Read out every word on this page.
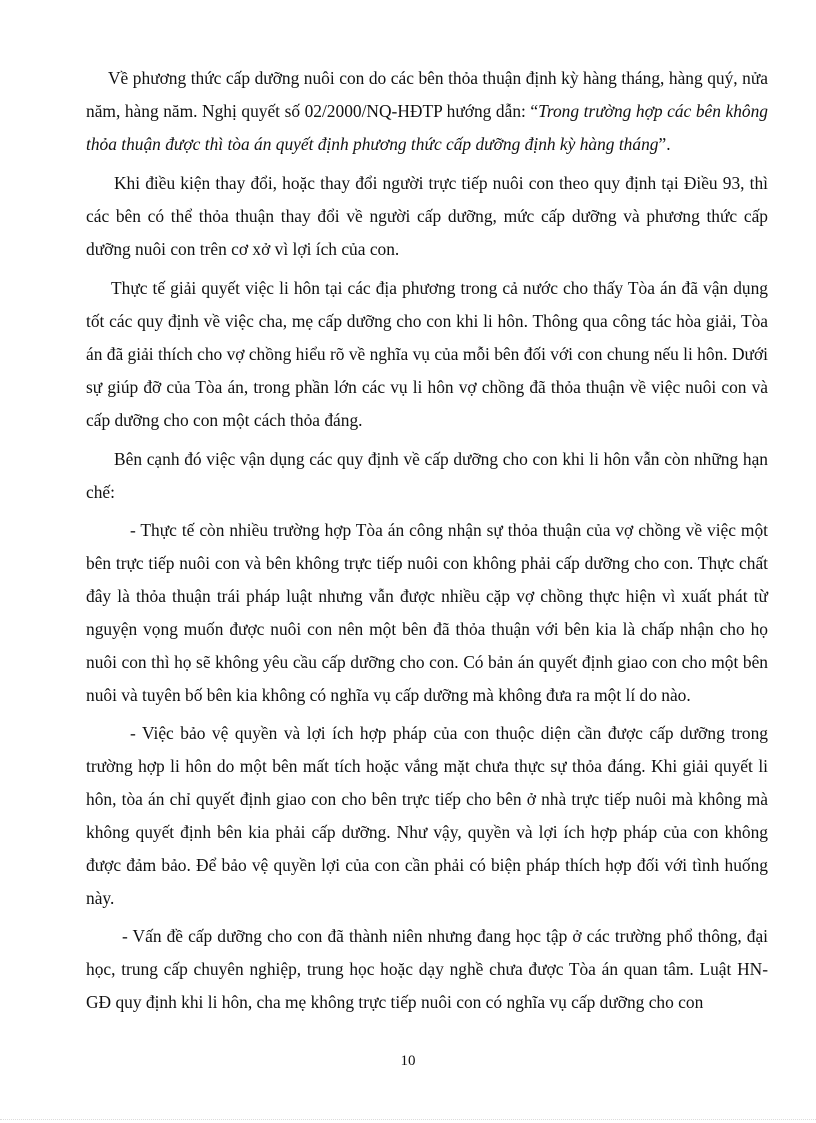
Về phương thức cấp dưỡng nuôi con do các bên thỏa thuận định kỳ hàng tháng, hàng quý, nửa năm, hàng năm. Nghị quyết số 02/2000/NQ-HĐTP hướng dẫn: “Trong trường hợp các bên không thỏa thuận được thì tòa án quyết định phương thức cấp dưỡng định kỳ hàng tháng”.

Khi điều kiện thay đổi, hoặc thay đổi người trực tiếp nuôi con theo quy định tại Điều 93, thì các bên có thể thỏa thuận thay đổi về người cấp dưỡng, mức cấp dưỡng và phương thức cấp dưỡng nuôi con trên cơ xở vì lợi ích của con.

Thực tế giải quyết việc li hôn tại các địa phương trong cả nước cho thấy Tòa án đã vận dụng tốt các quy định về việc cha, mẹ cấp dưỡng cho con khi li hôn. Thông qua công tác hòa giải, Tòa án đã giải thích cho vợ chồng hiểu rõ về nghĩa vụ của mỗi bên đối với con chung nếu li hôn. Dưới sự giúp đỡ của Tòa án, trong phần lớn các vụ li hôn vợ chồng đã thỏa thuận về việc nuôi con và cấp dưỡng cho con một cách thỏa đáng.

Bên cạnh đó việc vận dụng các quy định về cấp dưỡng cho con khi li hôn vẫn còn những hạn chế:

- Thực tế còn nhiều trường hợp Tòa án công nhận sự thỏa thuận của vợ chồng về việc một bên trực tiếp nuôi con và bên không trực tiếp nuôi con không phải cấp dưỡng cho con. Thực chất đây là thỏa thuận trái pháp luật nhưng vẫn được nhiều cặp vợ chồng thực hiện vì xuất phát từ nguyện vọng muốn được nuôi con nên một bên đã thỏa thuận với bên kia là chấp nhận cho họ nuôi con thì họ sẽ không yêu cầu cấp dưỡng cho con. Có bản án quyết định giao con cho một bên nuôi và tuyên bố bên kia không có nghĩa vụ cấp dưỡng mà không đưa ra một lí do nào.

- Việc bảo vệ quyền và lợi ích hợp pháp của con thuộc diện cần được cấp dưỡng trong trường hợp li hôn do một bên mất tích hoặc vắng mặt chưa thực sự thỏa đáng. Khi giải quyết li hôn, tòa án chỉ quyết định giao con cho bên trực tiếp cho bên ở nhà trực tiếp nuôi mà không mà không quyết định bên kia phải cấp dưỡng. Như vậy, quyền và lợi ích hợp pháp của con không được đảm bảo. Để bảo vệ quyền lợi của con cần phải có biện pháp thích hợp đối với tình huống này.

- Vấn đề cấp dưỡng cho con đã thành niên nhưng đang học tập ở các trường phổ thông, đại học, trung cấp chuyên nghiệp, trung học hoặc dạy nghề chưa được Tòa án quan tâm. Luật HN-GĐ quy định khi li hôn, cha mẹ không trực tiếp nuôi con có nghĩa vụ cấp dưỡng cho con

10
